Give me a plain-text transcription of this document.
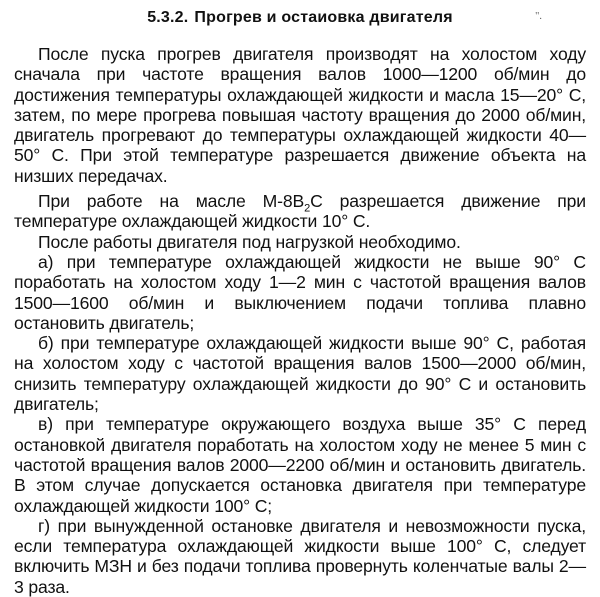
5.3.2. Прогрев и остаиовка двигателя	''.

После пуска прогрев двигателя производят на холостом ходу сначала при частоте вращения валов 1000—1200 об/мин до достижения температуры охлаждающей жидкости и масла 15—20° С, затем, по мере прогрева повышая частоту вращения до 2000 об/мин, двигатель прогревают до температуры охлаждающей жидкости 40—50° С. При этой температуре разрешается движение объекта на низших передачах.

При работе на масле $М-8В_2С$ разрешается движение при температуре охлаждающей жидкости 10° С.

После работы двигателя под нагрузкой необходимо.

а) при температуре охлаждающей жидкости не выше 90° С поработать на холостом ходу 1—2 мин с частотой вращения валов 1500—1600 об/мин и выключением подачи топлива плавно остановить двигатель;

б) при температуре охлаждающей жидкости выше 90° С, работая на холостом ходу с частотой вращения валов 1500—2000 об/мин, снизить температуру охлаждающей жидкости до 90° С и остановить двигатель;

в) при температуре окружающего воздуха выше 35° С перед остановкой двигателя поработать на холостом ходу не менее 5 мин с частотой вращения валов 2000—2200 об/мин и остановить двигатель. В этом случае допускается остановка двигателя при температуре охлаждающей жидкости 100° С;

г) при вынужденной остановке двигателя и невозможности пуска, если температура охлаждающей жидкости выше 100° С, следует включить МЗН и без подачи топлива провернуть коленчатые валы 2—3 раза.
